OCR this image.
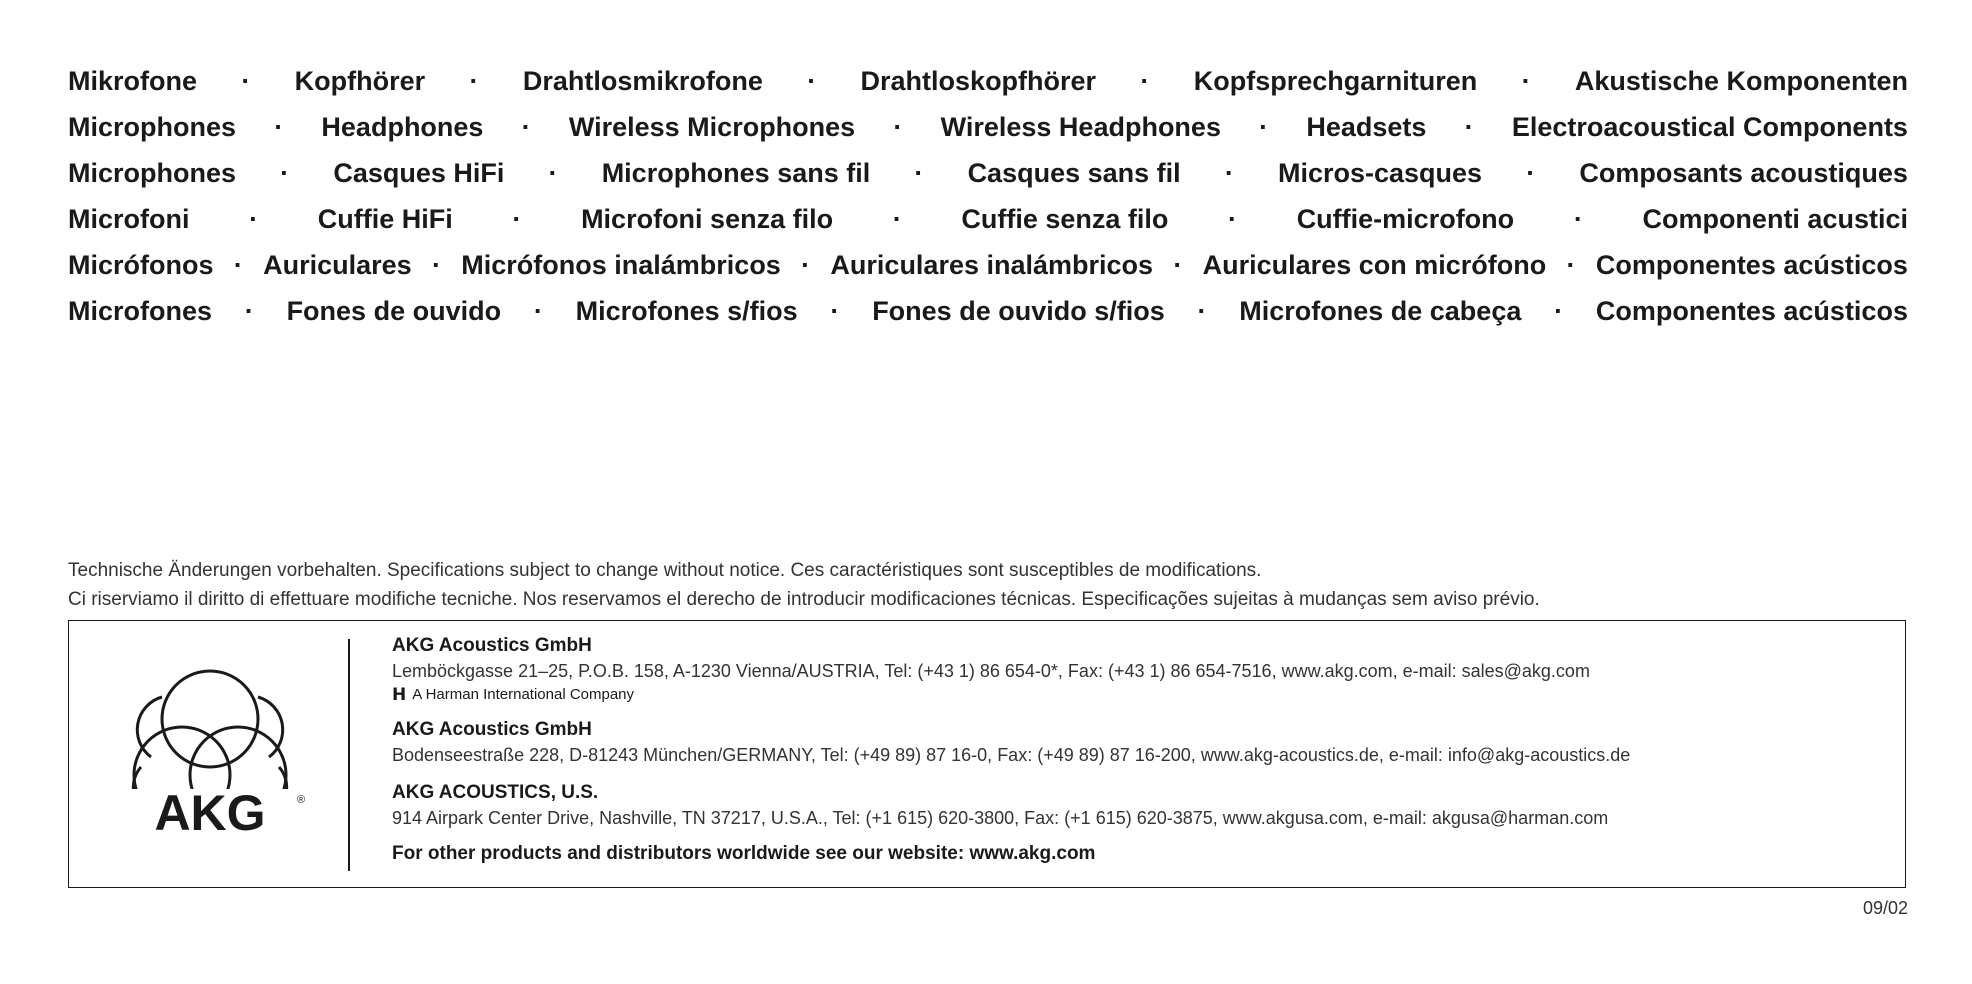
Mikrofone · Kopfhörer · Drahtlosmikrofone · Drahtloskopfhörer · Kopfsprechgarnituren · Akustische Komponenten
Microphones · Headphones · Wireless Microphones · Wireless Headphones · Headsets · Electroacoustical Components
Microphones · Casques HiFi · Microphones sans fil · Casques sans fil · Micros-casques · Composants acoustiques
Microfoni · Cuffie HiFi · Microfoni senza filo · Cuffie senza filo · Cuffie-microfono · Componenti acustici
Micrófonos · Auriculares · Micrófonos inalámbricos · Auriculares inalámbricos · Auriculares con micrófono · Componentes acústicos
Microfones · Fones de ouvido · Microfones s/fios · Fones de ouvido s/fios · Microfones de cabeça · Componentes acústicos
Technische Änderungen vorbehalten. Specifications subject to change without notice. Ces caractéristiques sont susceptibles de modifications.
Ci riserviamo il diritto di effettuare modifiche tecniche. Nos reservamos el derecho de introducir modificaciones técnicas. Especificações sujeitas à mudanças sem aviso prévio.
AKG	®
AKG Acoustics GmbH
Lemböckgasse 21–25, P.O.B. 158, A-1230 Vienna/AUSTRIA, Tel: (+43 1) 86 654-0*, Fax: (+43 1) 86 654-7516, www.akg.com, e-mail: sales@akg.com
H A Harman International Company
AKG Acoustics GmbH
Bodenseestraße 228, D-81243 München/GERMANY, Tel: (+49 89) 87 16-0, Fax: (+49 89) 87 16-200, www.akg-acoustics.de, e-mail: info@akg-acoustics.de
AKG ACOUSTICS, U.S.
914 Airpark Center Drive, Nashville, TN 37217, U.S.A., Tel: (+1 615) 620-3800, Fax: (+1 615) 620-3875, www.akgusa.com, e-mail: akgusa@harman.com
For other products and distributors worldwide see our website: www.akg.com
09/02
